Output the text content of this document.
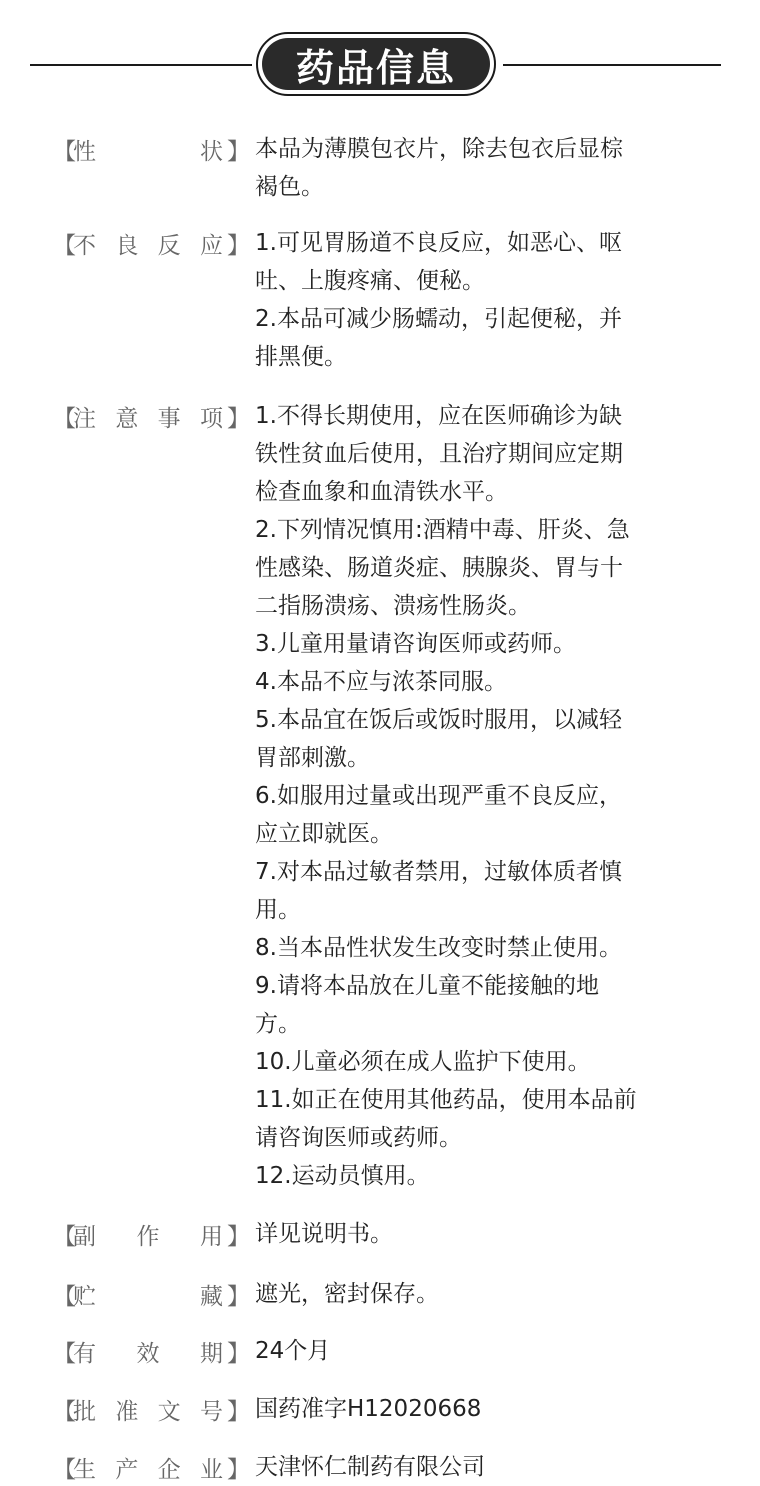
药品信息
【
性	状 】 本品为薄膜包衣片，除去包衣后显棕
褐色。
【
不 良 反 应 】 1.可见胃肠道不良反应，如恶心、呕
吐、上腹疼痛、便秘。
2.本品可减少肠蠕动，引起便秘，并
排黑便。
【
注 意 事 项 】 1.不得长期使用，应在医师确诊为缺
铁性贫血后使用，且治疗期间应定期
检查血象和血清铁水平。
2.下列情况慎用:酒精中毒、肝炎、急
性感染、肠道炎症、胰腺炎、胃与十
二指肠溃疡、溃疡性肠炎。
3.儿童用量请咨询医师或药师。
4.本品不应与浓茶同服。
5.本品宜在饭后或饭时服用，以减轻
胃部刺激。
6.如服用过量或出现严重不良反应，
应立即就医。
7.对本品过敏者禁用，过敏体质者慎
用。
8.当本品性状发生改变时禁止使用。
9.请将本品放在儿童不能接触的地
方。
10.儿童必须在成人监护下使用。
11.如正在使用其他药品，使用本品前
请咨询医师或药师。
12.运动员慎用。
【
副 作 用 】 详见说明书。
【
贮	藏 】 遮光，密封保存。
【
有 效 期 】 24个月
【
批 准 文 号 】 国药准字H12020668
【
生 产 企 业 】 天津怀仁制药有限公司
